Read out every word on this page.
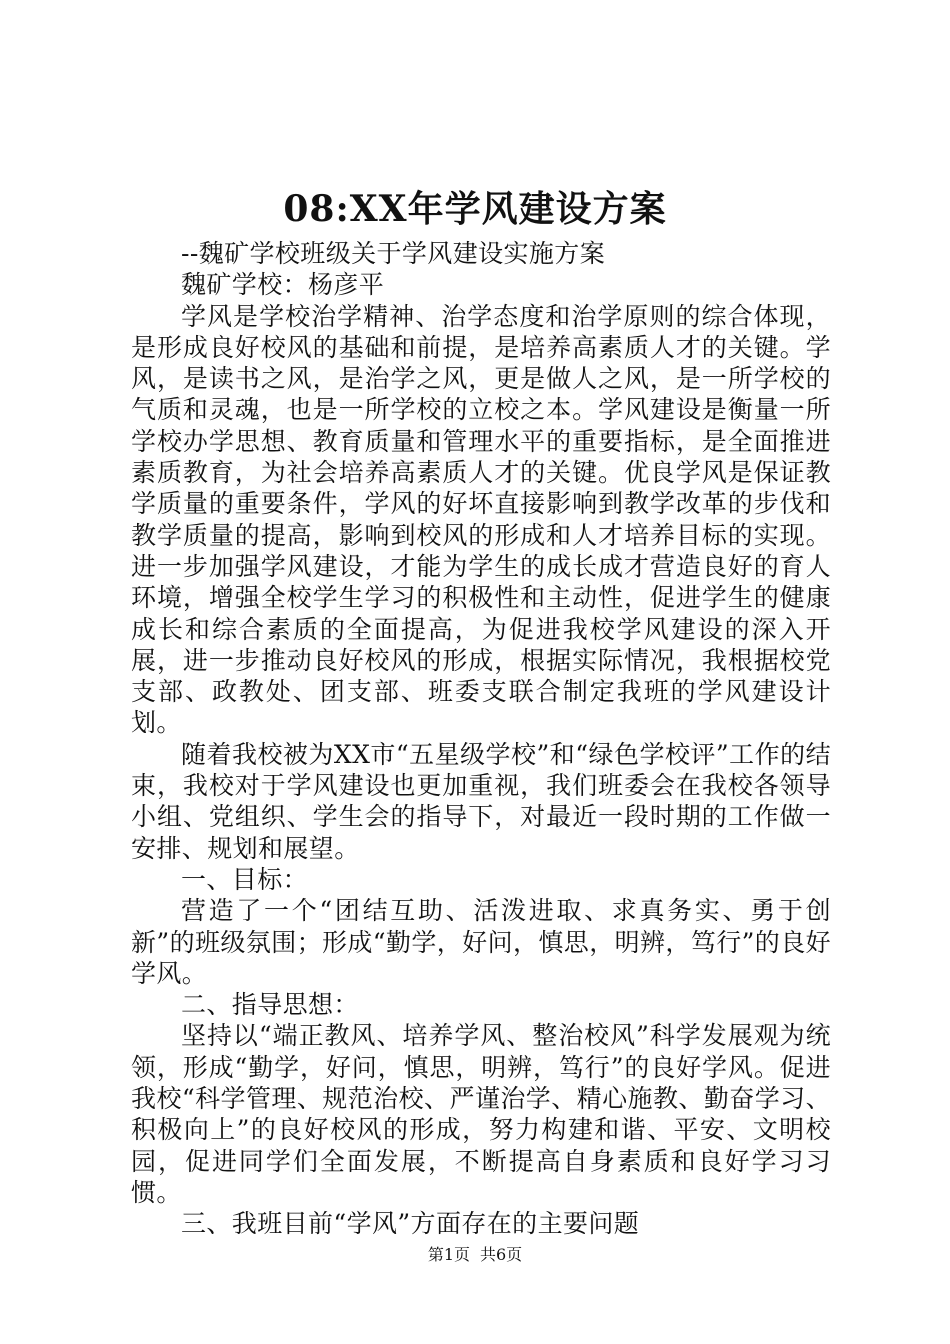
08:XX年学风建设方案

--魏矿学校班级关于学风建设实施方案

魏矿学校：杨彦平

学风是学校治学精神、治学态度和治学原则的综合体现，是形成良好校风的基础和前提，是培养高素质人才的关键。学风，是读书之风，是治学之风，更是做人之风，是一所学校的气质和灵魂，也是一所学校的立校之本。学风建设是衡量一所学校办学思想、教育质量和管理水平的重要指标，是全面推进素质教育，为社会培养高素质人才的关键。优良学风是保证教学质量的重要条件，学风的好坏直接影响到教学改革的步伐和教学质量的提高，影响到校风的形成和人才培养目标的实现。进一步加强学风建设，才能为学生的成长成才营造良好的育人环境，增强全校学生学习的积极性和主动性，促进学生的健康成长和综合素质的全面提高，为促进我校学风建设的深入开展，进一步推动良好校风的形成，根据实际情况，我根据校党支部、政教处、团支部、班委支联合制定我班的学风建设计划。

随着我校被为XX市“五星级学校”和“绿色学校评”工作的结束，我校对于学风建设也更加重视，我们班委会在我校各领导小组、党组织、学生会的指导下，对最近一段时期的工作做一安排、规划和展望。

一、目标：

营造了一个“团结互助、活泼进取、求真务实、勇于创新”的班级氛围；形成“勤学，好问，慎思，明辨，笃行”的良好学风。

二、指导思想：

坚持以“端正教风、培养学风、整治校风”科学发展观为统领，形成“勤学，好问，慎思，明辨，笃行”的良好学风。促进我校“科学管理、规范治校、严谨治学、精心施教、勤奋学习、积极向上”的良好校风的形成，努力构建和谐、平安、文明校园，促进同学们全面发展，不断提高自身素质和良好学习习惯。

三、我班目前“学风”方面存在的主要问题

第1页 共6页
